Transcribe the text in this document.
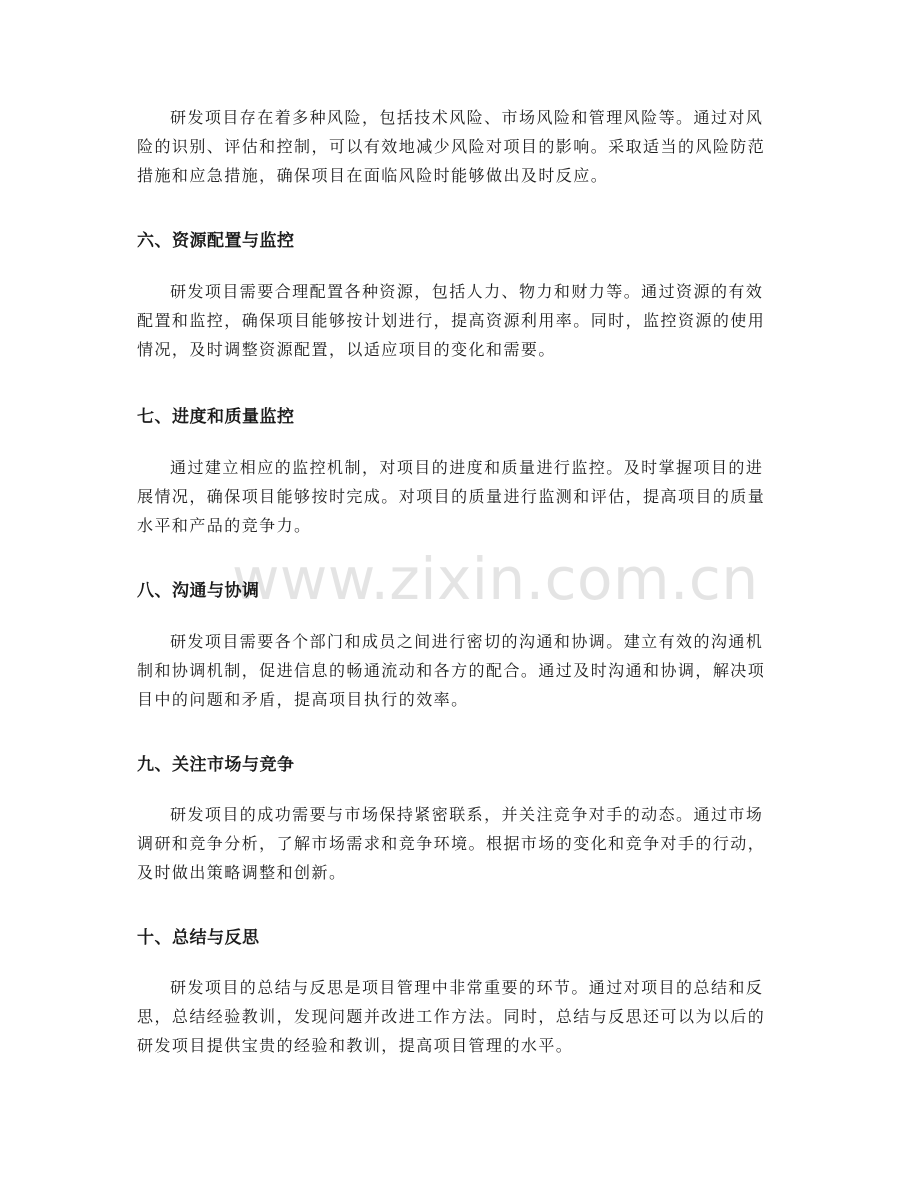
www.zixin.com.cn

研发项目存在着多种风险，包括技术风险、市场风险和管理风险等。通过对风
险的识别、评估和控制，可以有效地减少风险对项目的影响。采取适当的风险防范
措施和应急措施，确保项目在面临风险时能够做出及时反应。

六、资源配置与监控

研发项目需要合理配置各种资源，包括人力、物力和财力等。通过资源的有效
配置和监控，确保项目能够按计划进行，提高资源利用率。同时，监控资源的使用
情况，及时调整资源配置，以适应项目的变化和需要。

七、进度和质量监控

通过建立相应的监控机制，对项目的进度和质量进行监控。及时掌握项目的进
展情况，确保项目能够按时完成。对项目的质量进行监测和评估，提高项目的质量
水平和产品的竞争力。

八、沟通与协调

研发项目需要各个部门和成员之间进行密切的沟通和协调。建立有效的沟通机
制和协调机制，促进信息的畅通流动和各方的配合。通过及时沟通和协调，解决项
目中的问题和矛盾，提高项目执行的效率。

九、关注市场与竞争

研发项目的成功需要与市场保持紧密联系，并关注竞争对手的动态。通过市场
调研和竞争分析，了解市场需求和竞争环境。根据市场的变化和竞争对手的行动，
及时做出策略调整和创新。

十、总结与反思

研发项目的总结与反思是项目管理中非常重要的环节。通过对项目的总结和反
思，总结经验教训，发现问题并改进工作方法。同时，总结与反思还可以为以后的
研发项目提供宝贵的经验和教训，提高项目管理的水平。
